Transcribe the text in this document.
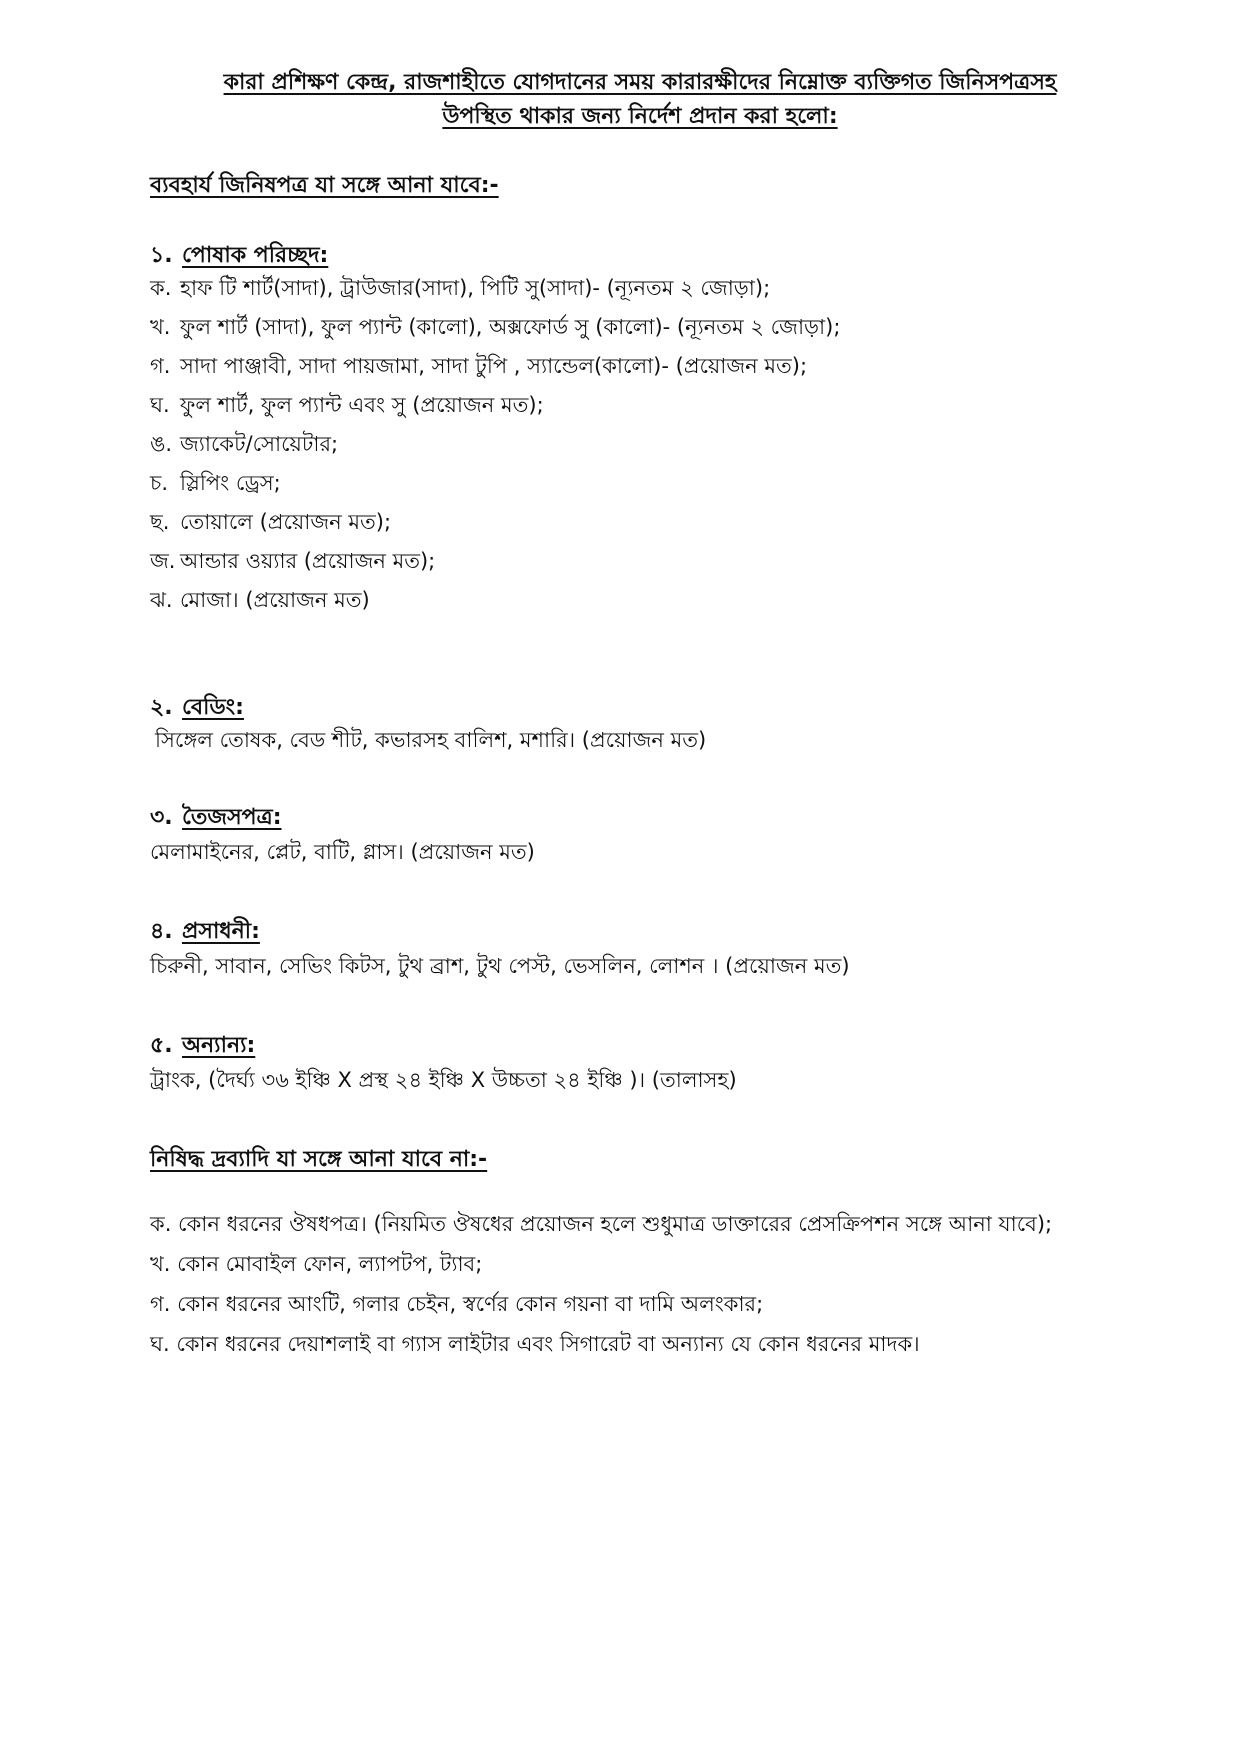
কারা প্রশিক্ষণ কেন্দ্র, রাজশাহীতে যোগদানের সময় কারারক্ষীদের নিম্নোক্ত ব্যক্তিগত জিনিসপত্রসহ
উপস্থিত থাকার জন্য নির্দেশ প্রদান করা হলো:
ব্যবহার্য জিনিষপত্র যা সঙ্গে আনা যাবে:-
১. পোষাক পরিচ্ছদ:
ক. হাফ টি শার্ট(সাদা), ট্রাউজার(সাদা), পিটি সু(সাদা)- (ন্যূনতম ২ জোড়া);
খ. ফুল শার্ট (সাদা), ফুল প্যান্ট (কালো), অক্সফোর্ড সু (কালো)- (ন্যূনতম ২ জোড়া);
গ. সাদা পাঞ্জাবী, সাদা পায়জামা, সাদা টুপি , স্যান্ডেল(কালো)- (প্রয়োজন মত);
ঘ. ফুল শার্ট, ফুল প্যান্ট এবং সু (প্রয়োজন মত);
ঙ. জ্যাকেট/সোয়েটার;
চ. স্লিপিং ড্রেস;
ছ. তোয়ালে (প্রয়োজন মত);
জ. আন্ডার ওয়্যার (প্রয়োজন মত);
ঝ. মোজা। (প্রয়োজন মত)
২. বেডিং:
সিঙ্গেল তোষক, বেড শীট, কভারসহ বালিশ, মশারি। (প্রয়োজন মত)
৩. তৈজসপত্র:
মেলামাইনের, প্লেট, বাটি, গ্লাস। (প্রয়োজন মত)
৪. প্রসাধনী:
চিরুনী, সাবান, সেভিং কিটস, টুথ ব্রাশ, টুথ পেস্ট, ভেসলিন, লোশন । (প্রয়োজন মত)
৫. অন্যান্য:
ট্রাংক, (দৈর্ঘ্য ৩৬ ইঞ্চি X প্রস্থ ২৪ ইঞ্চি X উচ্চতা ২৪ ইঞ্চি )। (তালাসহ)
নিষিদ্ধ দ্রব্যাদি যা সঙ্গে আনা যাবে না:-
ক. কোন ধরনের ঔষধপত্র। (নিয়মিত ঔষধের প্রয়োজন হলে শুধুমাত্র ডাক্তারের প্রেসক্রিপশন সঙ্গে আনা যাবে);
খ. কোন মোবাইল ফোন, ল্যাপটপ, ট্যাব;
গ. কোন ধরনের আংটি, গলার চেইন, স্বর্ণের কোন গয়না বা দামি অলংকার;
ঘ. কোন ধরনের দেয়াশলাই বা গ্যাস লাইটার এবং সিগারেট বা অন্যান্য যে কোন ধরনের মাদক।
